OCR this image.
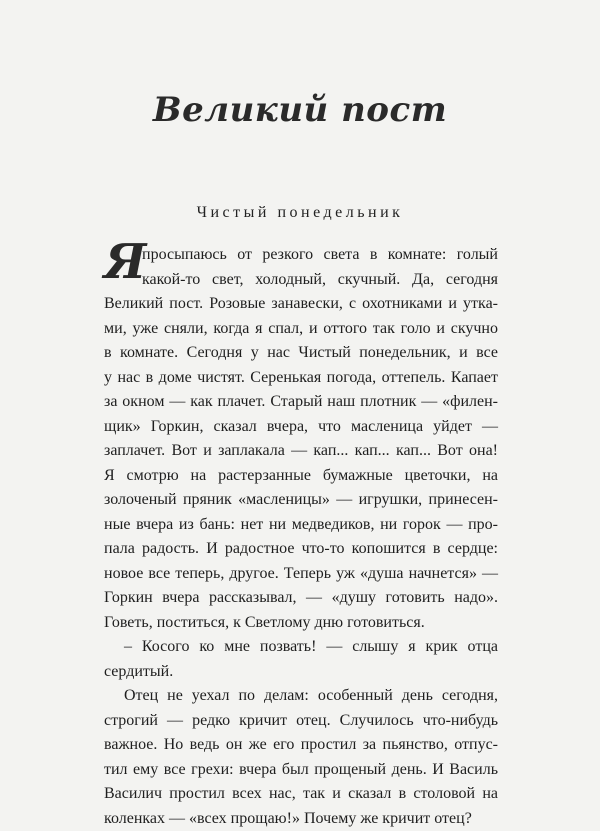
Великий пост
Чистый понедельник
Я
просыпаюсь от резкого света в комнате: голый
какой-то свет, холодный, скучный. Да, сегодня
Великий пост. Розовые занавески, с охотниками и утка-
ми, уже сняли, когда я спал, и оттого так голо и скучно
в комнате. Сегодня у нас Чистый понедельник, и все
у нас в доме чистят. Серенькая погода, оттепель. Капает
за окном — как плачет. Старый наш плотник — «филен-
щик» Горкин, сказал вчера, что масленица уйдет —
заплачет. Вот и заплакала — кап... кап... кап... Вот она!
Я смотрю на растерзанные бумажные цветочки, на
золоченый пряник «масленицы» — игрушки, принесен-
ные вчера из бань: нет ни медведиков, ни горок — про-
пала радость. И радостное что-то копошится в сердце:
новое все теперь, другое. Теперь уж «душа начнется» —
Горкин вчера рассказывал, — «душу готовить надо».
Говеть, поститься, к Светлому дню готовиться.
– Косого ко мне позвать! — слышу я крик отца
сердитый.
Отец не уехал по делам: особенный день сегодня,
строгий — редко кричит отец. Случилось что-нибудь
важное. Но ведь он же его простил за пьянство, отпус-
тил ему все грехи: вчера был прощеный день. И Василь
Василич простил всех нас, так и сказал в столовой на
коленках — «всех прощаю!» Почему же кричит отец?
